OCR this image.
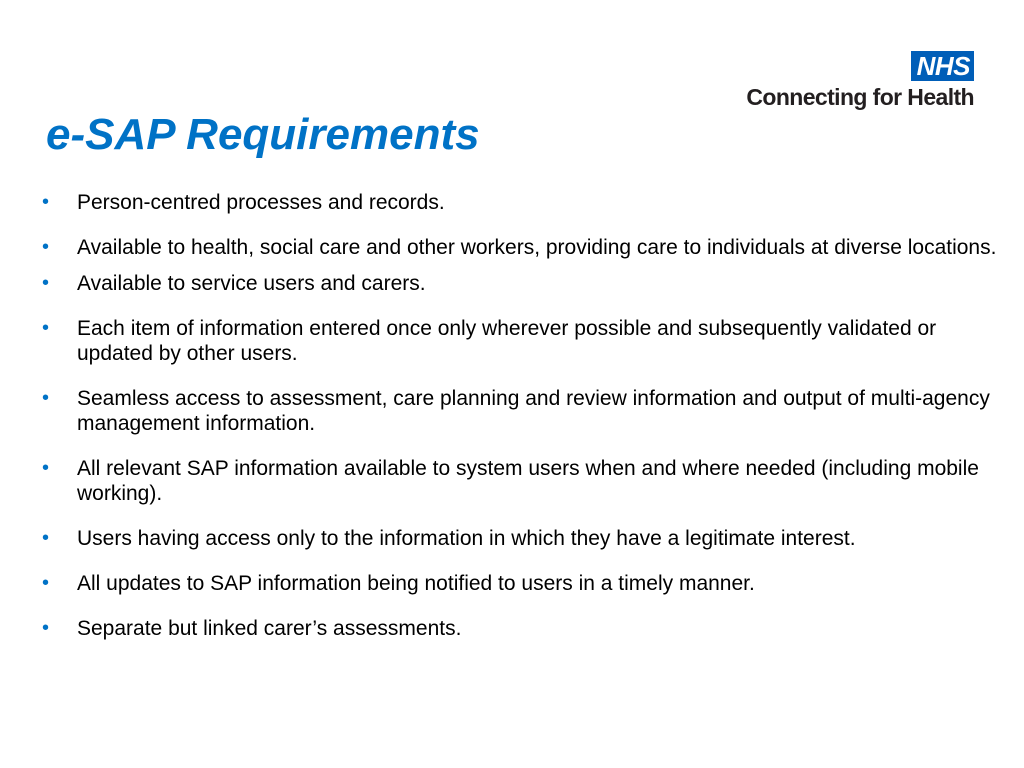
NHS
Connecting for Health
e-SAP Requirements
• Person-centred processes and records.
• Available to health, social care and other workers, providing care to individuals at diverse locations.
• Available to service users and carers.
• Each item of information entered once only wherever possible and subsequently validated or updated by other users.
• Seamless access to assessment, care planning and review information and output of multi-agency management information.
• All relevant SAP information available to system users when and where needed (including mobile working).
• Users having access only to the information in which they have a legitimate interest.
• All updates to SAP information being notified to users in a timely manner.
• Separate but linked carer’s assessments.
